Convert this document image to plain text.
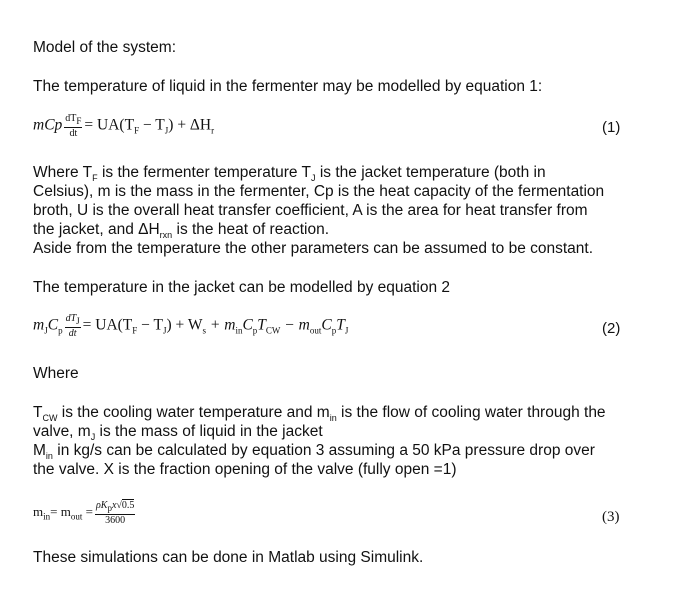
Model of the system:

The temperature of liquid in the fermenter may be modelled by equation 1:

mCp $\frac{dT_F}{dt} = UA(T_F - T_J) + \Delta H_r$	(1)

Where $T_F$ is the fermenter temperature $T_J$ is the jacket temperature (both in

Celsius), m is the mass in the fermenter, Cp is the heat capacity of the fermentation

broth, U is the overall heat transfer coefficient, A is the area for heat transfer from

the jacket, and $\Delta H_{rxn}$ is the heat of reaction.

Aside from the temperature the other parameters can be assumed to be constant.

The temperature in the jacket can be modelled by equation 2

$m_JC_p \frac{dT_J}{dt} = UA(T_F - T_J) + W_s + m_{in}C_pT_{CW} - m_{out}C_pT_J$	(2)

Where

$T_{CW}$ is the cooling water temperature and $m_{in}$ is the flow of cooling water through the

valve, $m_J$ is the mass of liquid in the jacket

$M_{in}$ in kg/s can be calculated by equation 3 assuming a 50 kPa pressure drop over

the valve. X is the fraction opening of the valve (fully open =1)

$m_{in}= m_{out} = \frac{\rho K_px√0.5}{3600}$	(3)

These simulations can be done in Matlab using Simulink.
